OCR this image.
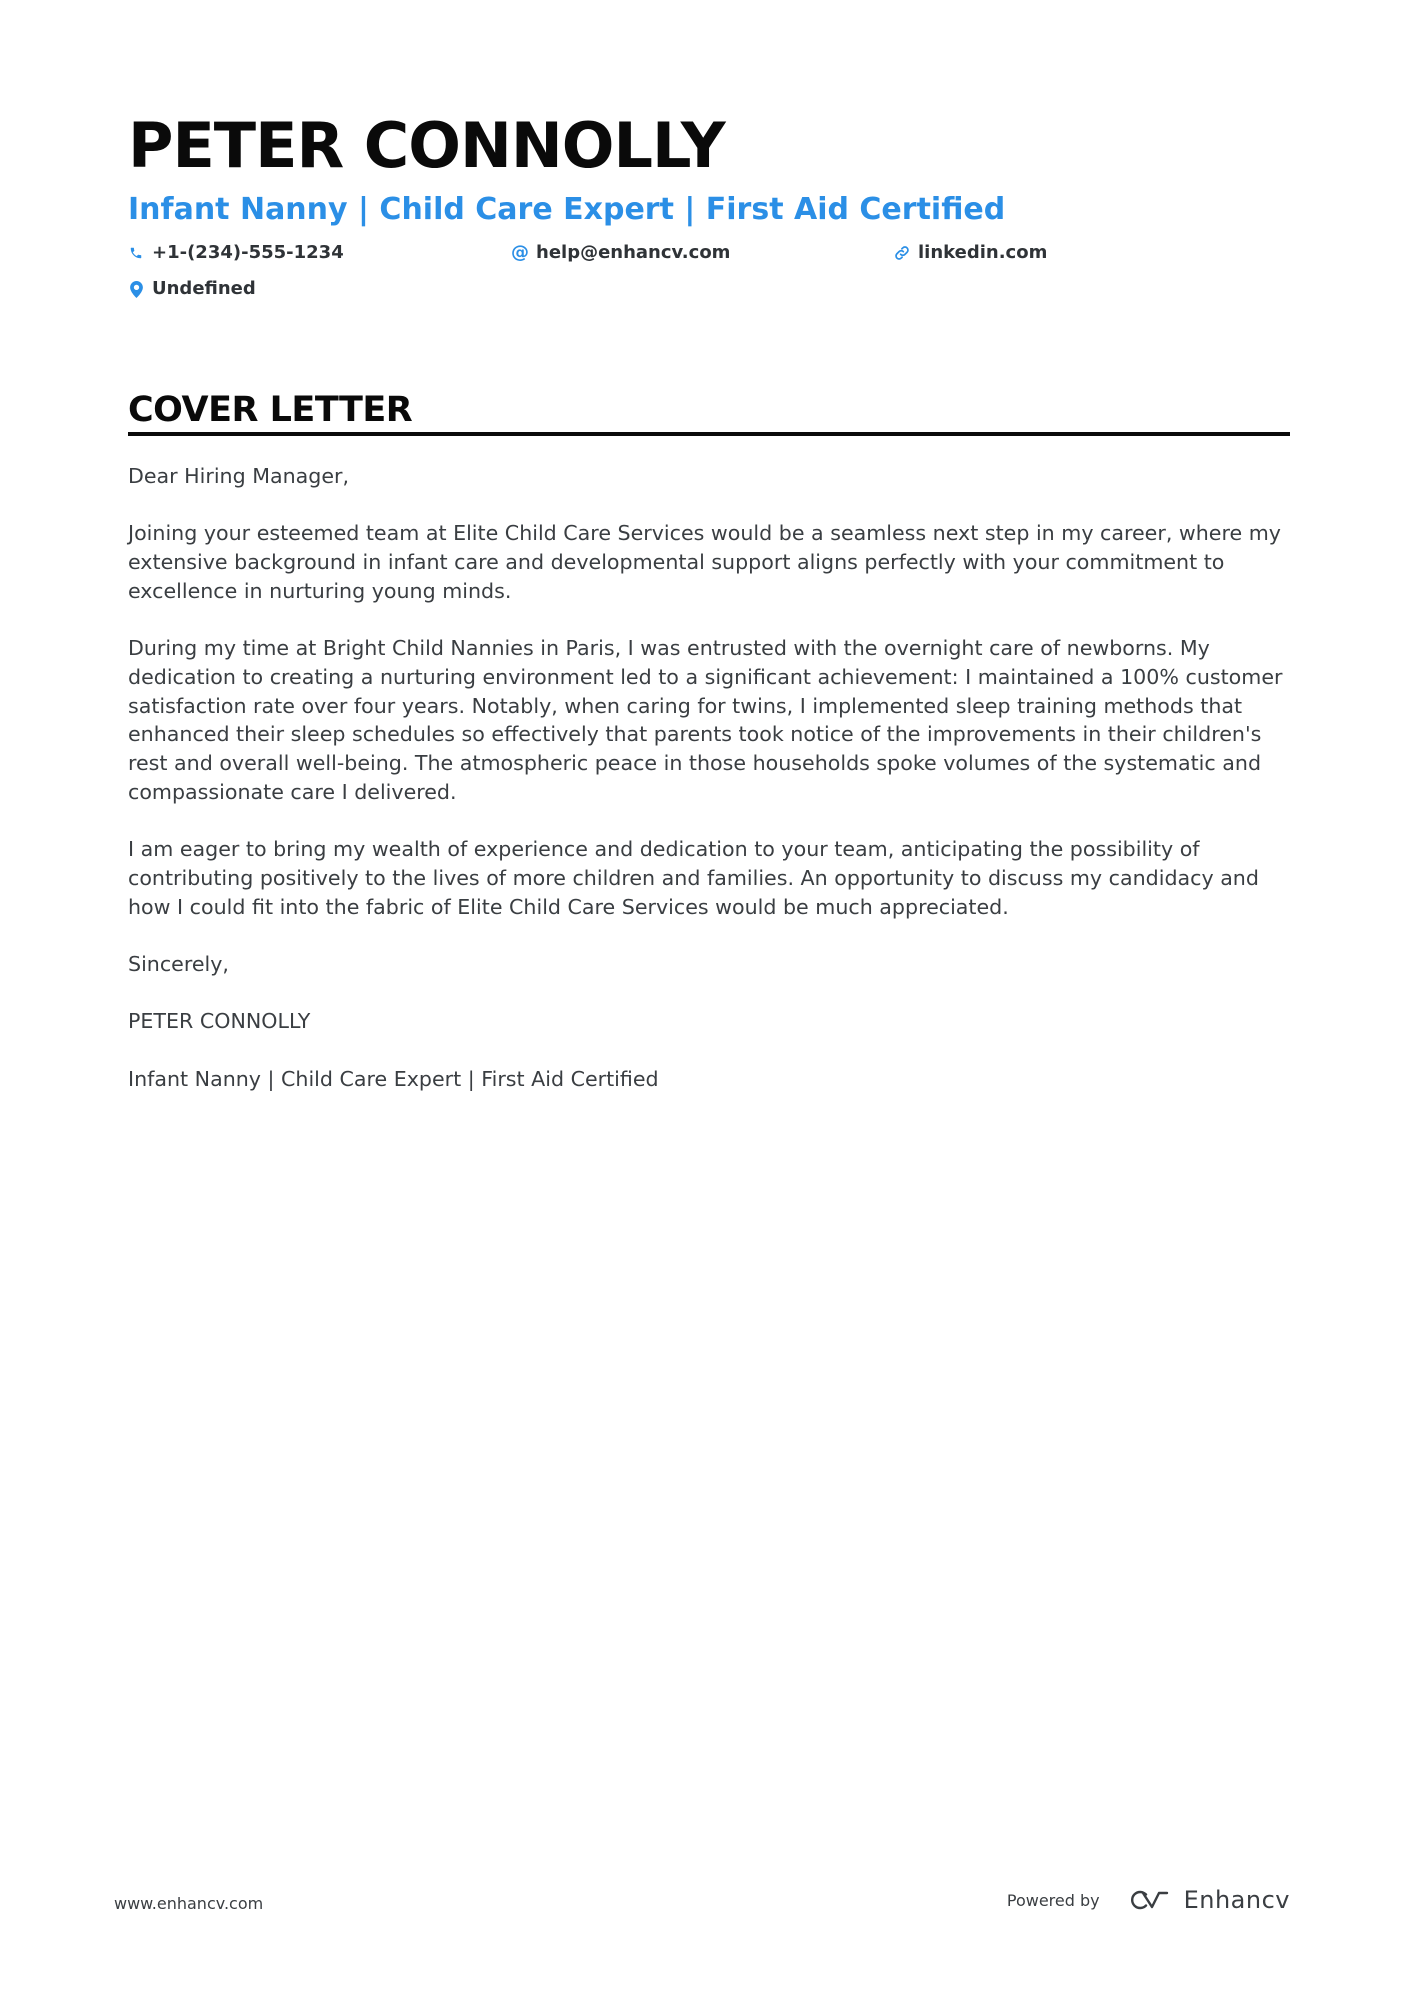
PETER CONNOLLY
Infant Nanny | Child Care Expert | First Aid Certified
+1-(234)-555-1234	@ help@enhancv.com	linkedin.com
Undefined
COVER LETTER

Dear Hiring Manager,

Joining your esteemed team at Elite Child Care Services would be a seamless next step in my career, where my extensive background in infant care and developmental support aligns perfectly with your commitment to excellence in nurturing young minds.

During my time at Bright Child Nannies in Paris, I was entrusted with the overnight care of newborns. My dedication to creating a nurturing environment led to a significant achievement: I maintained a 100% customer satisfaction rate over four years. Notably, when caring for twins, I implemented sleep training methods that enhanced their sleep schedules so effectively that parents took notice of the improvements in their children's rest and overall well-being. The atmospheric peace in those households spoke volumes of the systematic and compassionate care I delivered.

I am eager to bring my wealth of experience and dedication to your team, anticipating the possibility of contributing positively to the lives of more children and families. An opportunity to discuss my candidacy and how I could fit into the fabric of Elite Child Care Services would be much appreciated.

Sincerely,

PETER CONNOLLY

Infant Nanny | Child Care Expert | First Aid Certified

www.enhancv.com	Powered by	Enhancv
